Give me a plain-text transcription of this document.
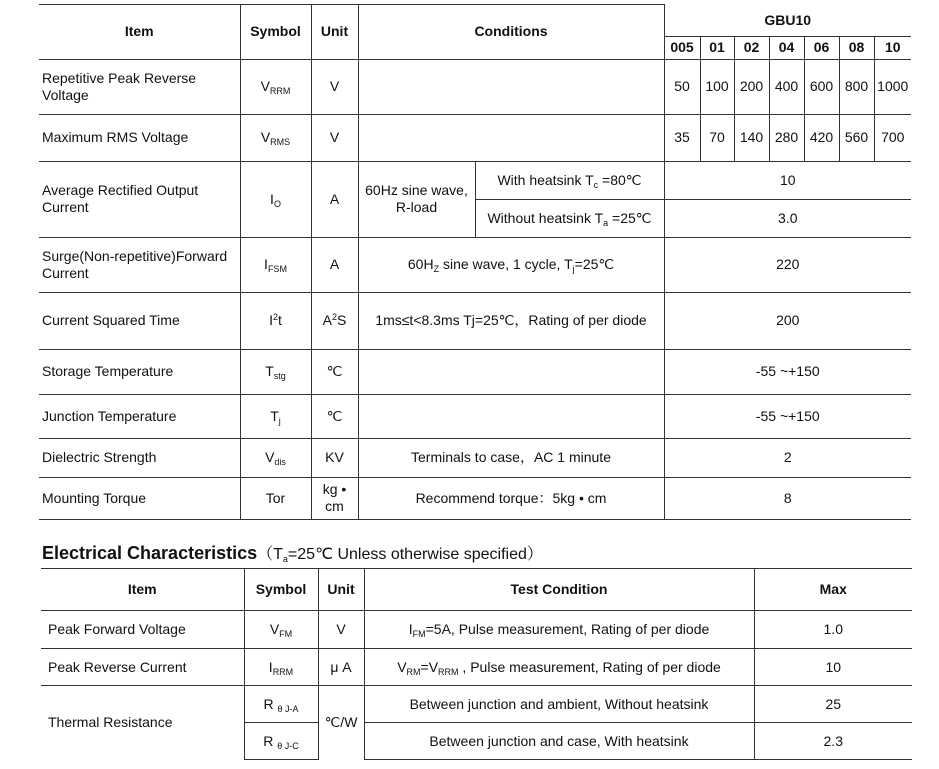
Item	Symbol	Unit	Conditions		GBU10						
					005	01	02	04	06	08	10
Repetitive Peak Reverse Voltage	$V_{RRM}$	V			50	100	200	400	600	800	1000
Maximum RMS Voltage	$V_{RMS}$	V			35	70	140	280	420	560	700
Average Rectified Output Current	$I_O$	A	60Hz sine wave, R-load	With heatsink $T_c$ =80℃	10						
				Without heatsink $T_a$ =25℃	3.0						
Surge(Non-repetitive)Forward Current	$I_{FSM}$	A	$60H_Z$ sine wave, 1 cycle, $T_j=25℃$		220						
Current Squared Time	$I^2t$	$A^2S$	1ms≤t<8.3ms Tj=25℃，Rating of per diode		200						
Storage Temperature	$T_{stg}$	℃			-55 ~+150						
Junction Temperature	$T_j$	℃			-55 ~+150						
Dielectric Strength	$V_{dis}$	KV	Terminals to case，AC 1 minute		2						
Mounting Torque	Tor	kg • cm	Recommend torque：5kg • cm		8						
Electrical $Characteristics(T_a=25℃$ Unless otherwise specified）
Item	Symbol	Unit	Test Condition	Max
Peak Forward Voltage	$V_{FM}$	V	$I_{FM}=5A$, Pulse measurement, Rating of per diode	1.0
Peak Reverse Current	$I_{RRM}$	μ A	$V_{RM}=V_{RRM}$ , Pulse measurement, Rating of per diode	10
Thermal Resistance	R $_{\theta J-A}$	℃/W	Between junction and ambient, Without heatsink	25
	R $_{\theta J-C}$		Between junction and case, With heatsink	2.3
